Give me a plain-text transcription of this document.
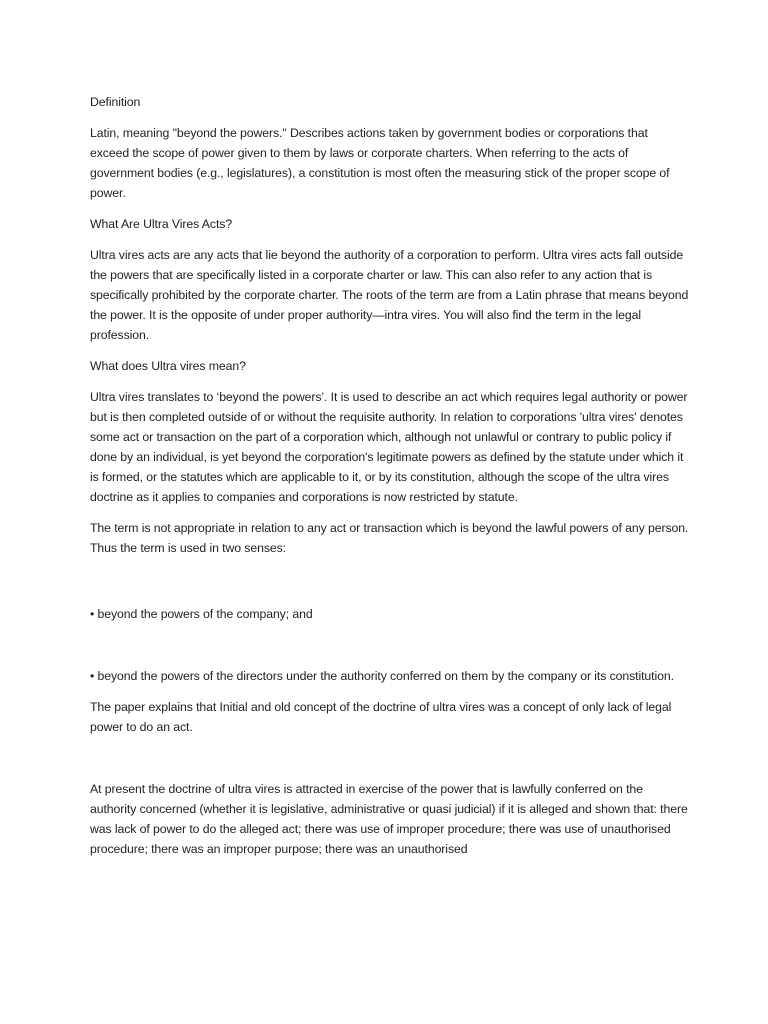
Definition

Latin, meaning "beyond the powers." Describes actions taken by government bodies or corporations that exceed the scope of power given to them by laws or corporate charters. When referring to the acts of government bodies (e.g., legislatures), a constitution is most often the measuring stick of the proper scope of power.

What Are Ultra Vires Acts?

Ultra vires acts are any acts that lie beyond the authority of a corporation to perform. Ultra vires acts fall outside the powers that are specifically listed in a corporate charter or law. This can also refer to any action that is specifically prohibited by the corporate charter. The roots of the term are from a Latin phrase that means beyond the power. It is the opposite of under proper authority—intra vires. You will also find the term in the legal profession.

What does Ultra vires mean?

Ultra vires translates to ‘beyond the powers’. It is used to describe an act which requires legal authority or power but is then completed outside of or without the requisite authority. In relation to corporations 'ultra vires' denotes some act or transaction on the part of a corporation which, although not unlawful or contrary to public policy if done by an individual, is yet beyond the corporation's legitimate powers as defined by the statute under which it is formed, or the statutes which are applicable to it, or by its constitution, although the scope of the ultra vires doctrine as it applies to companies and corporations is now restricted by statute.

The term is not appropriate in relation to any act or transaction which is beyond the lawful powers of any person. Thus the term is used in two senses:

• beyond the powers of the company; and

• beyond the powers of the directors under the authority conferred on them by the company or its constitution.

The paper explains that Initial and old concept of the doctrine of ultra vires was a concept of only lack of legal power to do an act.

At present the doctrine of ultra vires is attracted in exercise of the power that is lawfully conferred on the authority concerned (whether it is legislative, administrative or quasi judicial) if it is alleged and shown that: there was lack of power to do the alleged act; there was use of improper procedure; there was use of unauthorised procedure; there was an improper purpose; there was an unauthorised
